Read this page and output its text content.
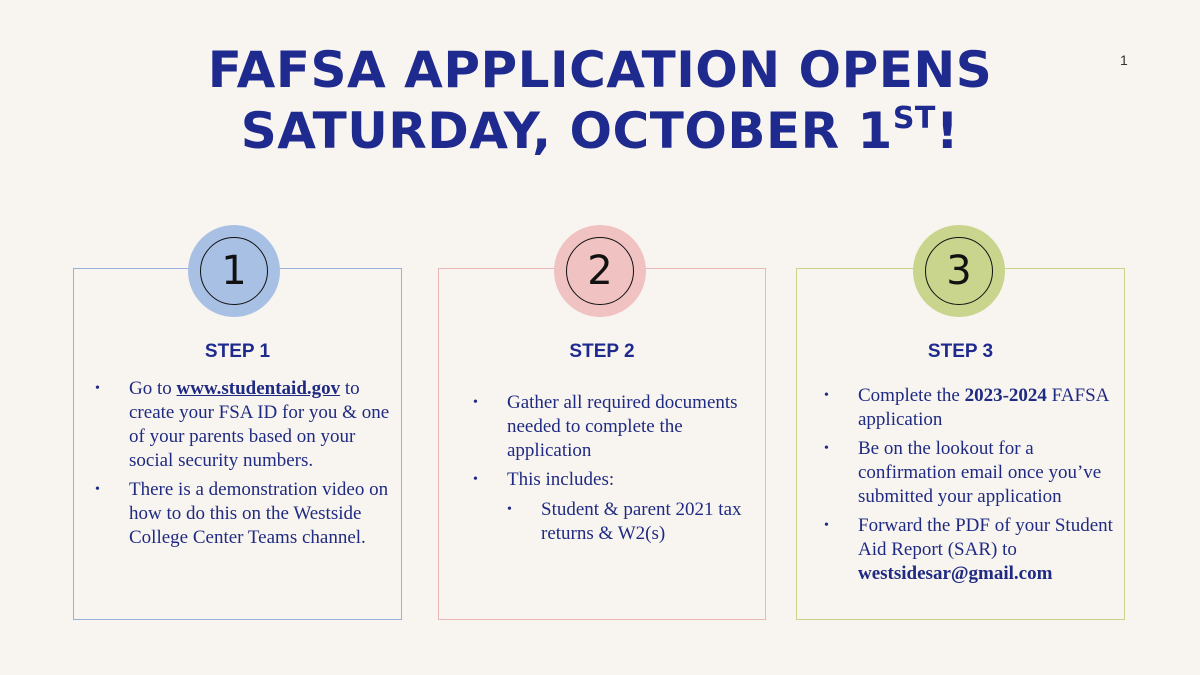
1
FAFSA APPLICATION OPENS
SATURDAY, OCTOBER 1ST!
STEP 1
• Go to www.studentaid.gov to create your FSA ID for you & one of your parents based on your social security numbers.
• There is a demonstration video on how to do this on the Westside College Center Teams channel.
1
STEP 2
• Gather all required documents needed to complete the application
• This includes:
• Student & parent 2021 tax returns & W2(s)
2
STEP 3
• Complete the 2023-2024 FAFSA application
• Be on the lookout for a confirmation email once you’ve submitted your application
• Forward the PDF of your Student Aid Report (SAR) to westsidesar@gmail.com
3
